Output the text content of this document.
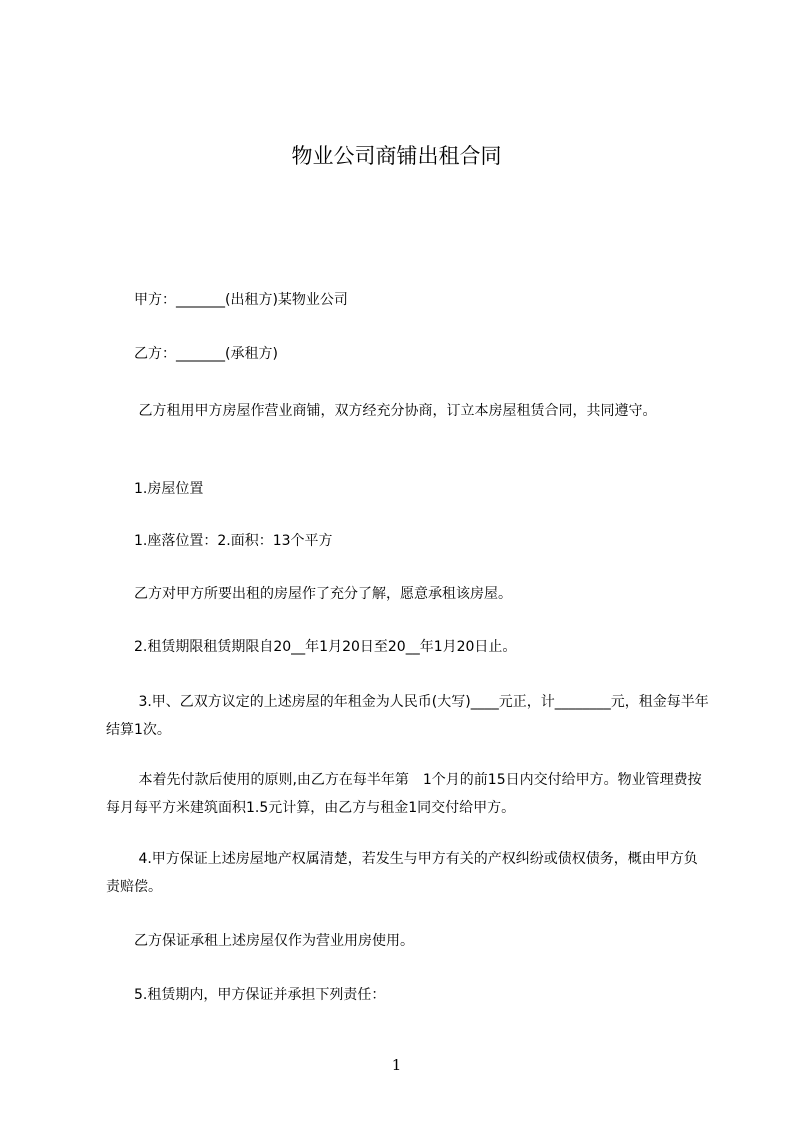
物业公司商铺出租合同
　　甲方：_______(出租方)某物业公司
　　乙方：_______(承租方)
　　 乙方租用甲方房屋作营业商铺，双方经充分协商，订立本房屋租赁合同，共同遵守。
　　1.房屋位置
　　1.座落位置：2.面积：13个平方
　　乙方对甲方所要出租的房屋作了充分了解，愿意承租该房屋。
　　2.租赁期限租赁期限自20__年1月20日至20__年1月20日止。
　　 3.甲、乙双方议定的上述房屋的年租金为人民币(大写)____元正，计________元，租金每半年结算1次。
　　 本着先付款后使用的原则,由乙方在每半年第　1个月的前15日内交付给甲方。物业管理费按每月每平方米建筑面积1.5元计算，由乙方与租金1同交付给甲方。
　　 4.甲方保证上述房屋地产权属清楚，若发生与甲方有关的产权纠纷或债权债务，概由甲方负责赔偿。
　　乙方保证承租上述房屋仅作为营业用房使用。
　　5.租赁期内，甲方保证并承担下列责任：
1
